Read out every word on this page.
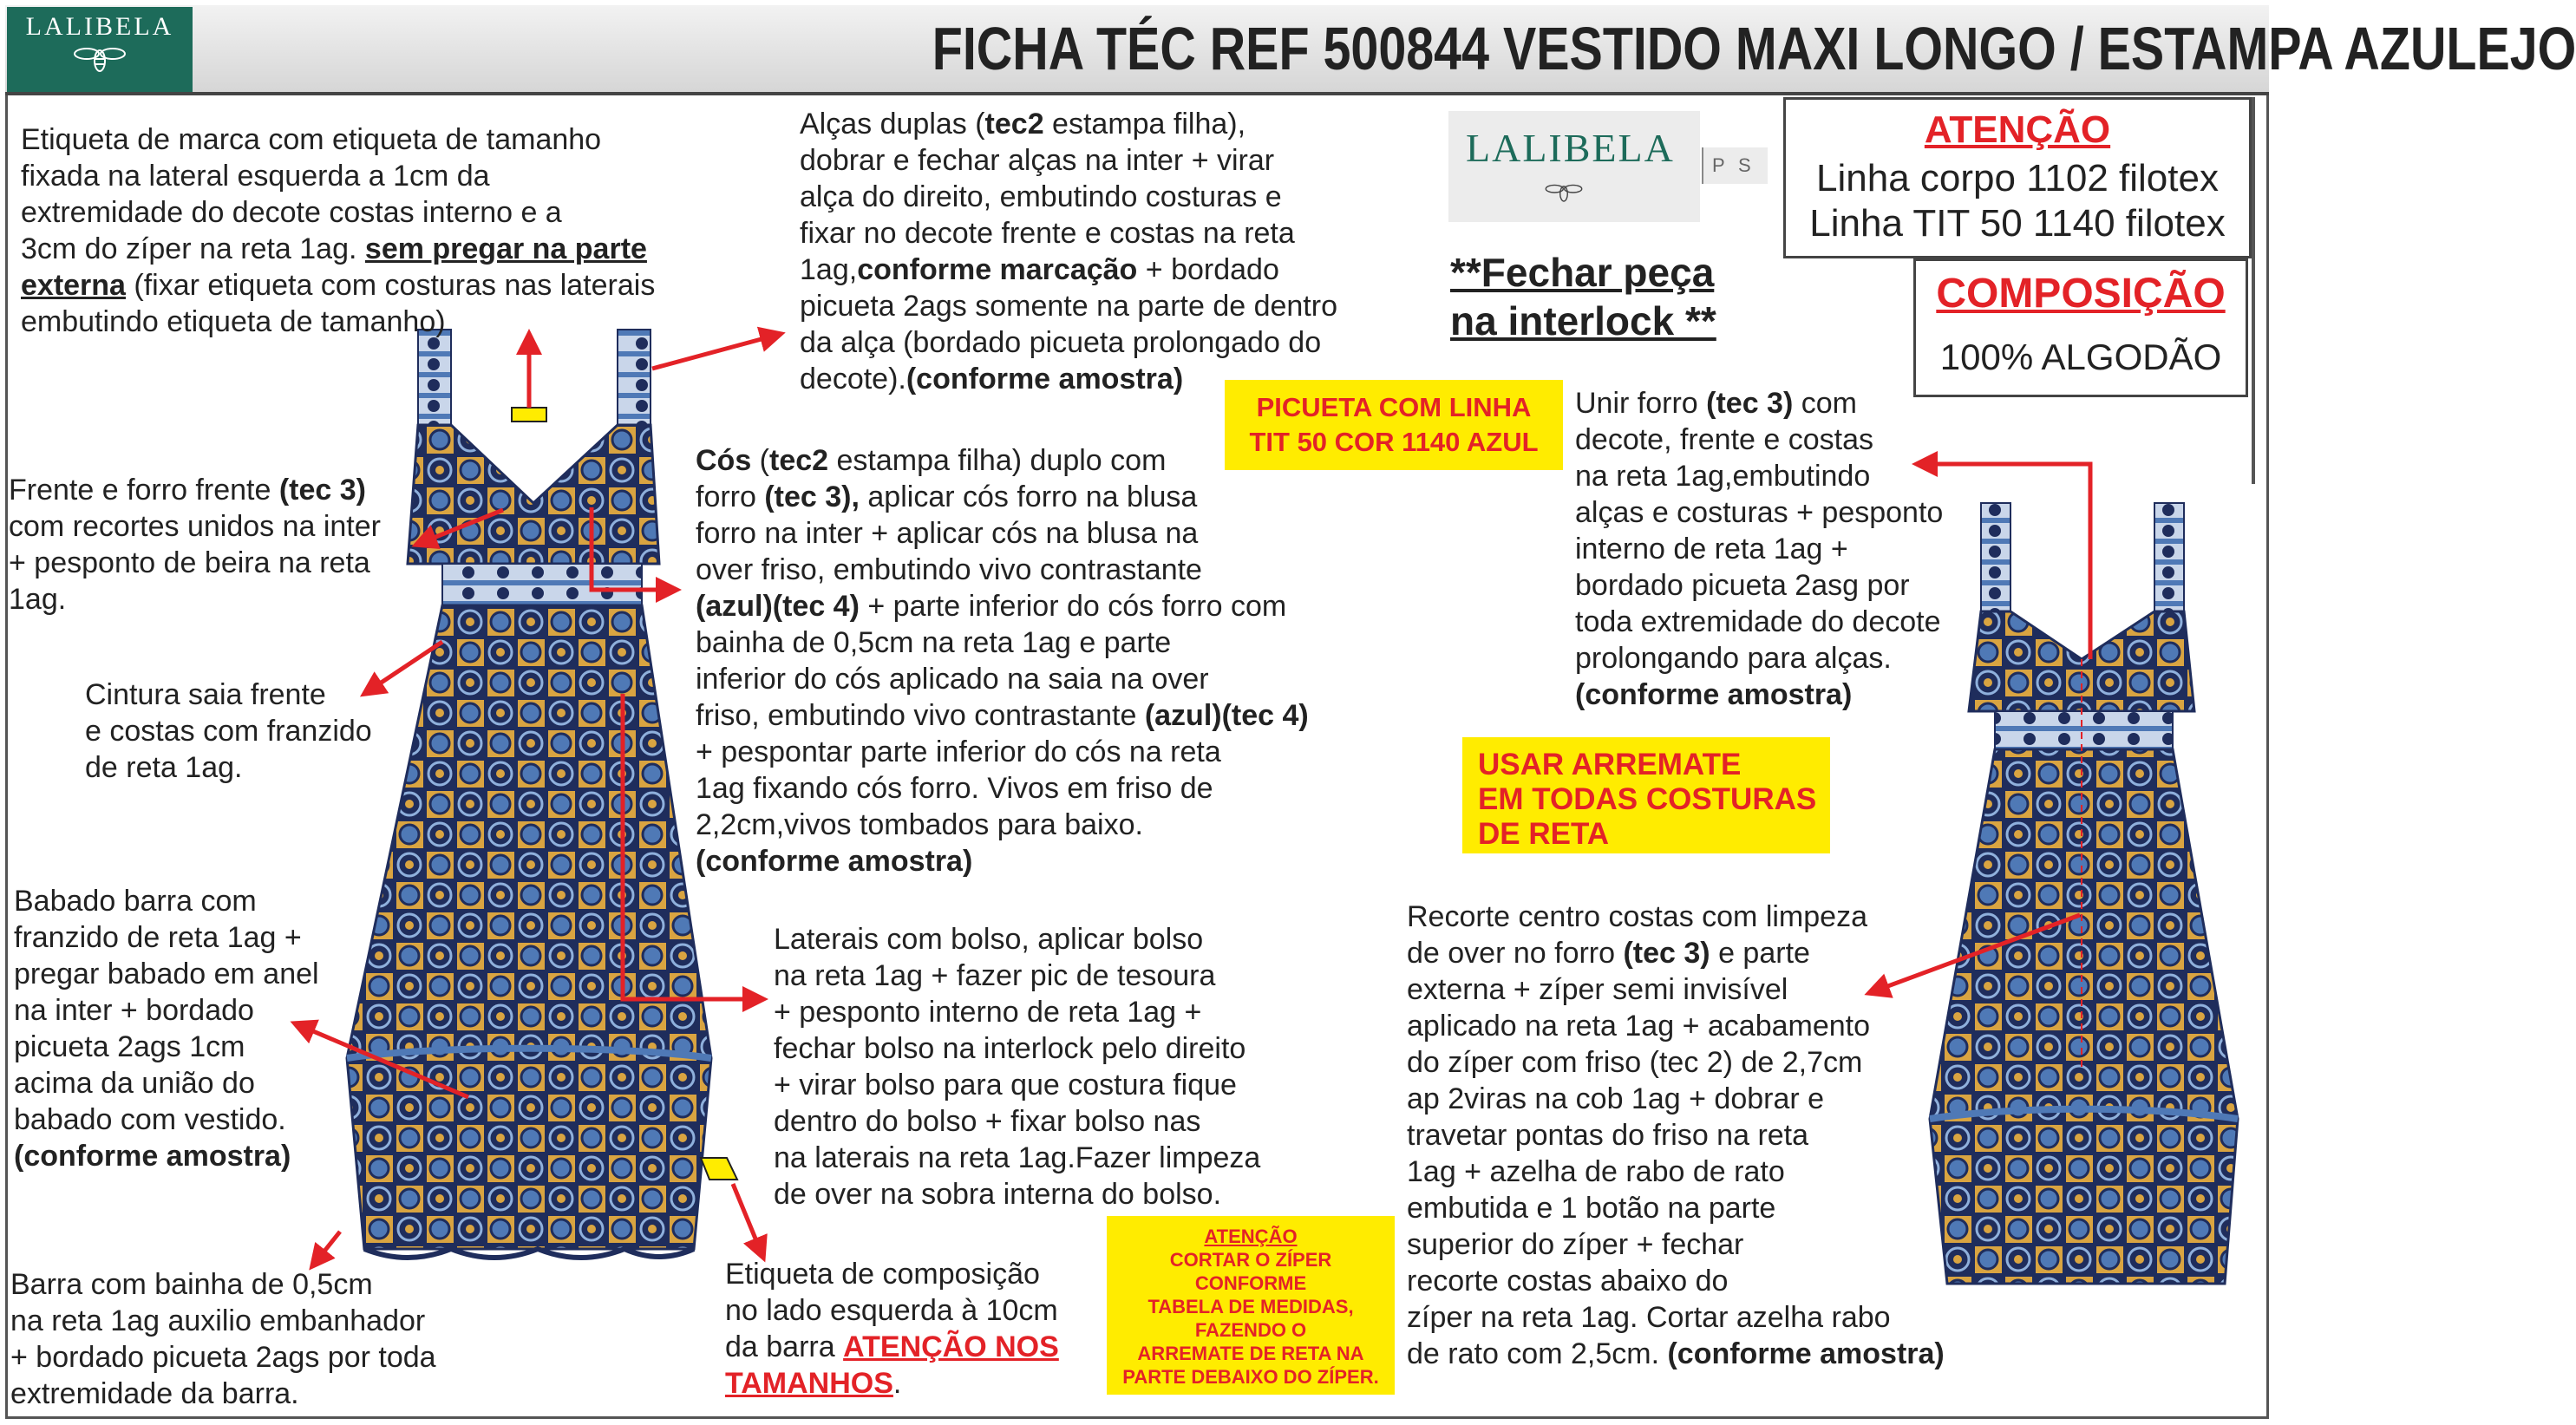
LALIBELA	FICHA TÉC REF 500844 VESTIDO MAXI LONGO / ESTAMPA AZULEJO
LALIBELA P S
**Fechar peça
na interlock **
ATENÇÃO
Linha corpo 1102 filotex
Linha TIT 50 1140 filotex
COMPOSIÇÃO
100% ALGODÃO
PICUETA COM LINHA
TIT 50 COR 1140 AZUL
USAR ARREMATE
EM TODAS COSTURAS
DE RETA
ATENÇÃO
CORTAR O ZÍPER
CONFORME
TABELA DE MEDIDAS,
FAZENDO O
ARREMATE DE RETA NA
PARTE DEBAIXO DO ZÍPER.
Etiqueta de marca com etiqueta de tamanho
fixada na lateral esquerda a 1cm da
extremidade do decote costas interno e a
3cm do zíper na reta 1ag. sem pregar na parte
externa (fixar etiqueta com costuras nas laterais
embutindo etiqueta de tamanho)
Alças duplas (tec2 estampa filha),
dobrar e fechar alças na inter + virar
alça do direito, embutindo costuras e
fixar no decote frente e costas na reta
1ag,conforme marcação + bordado
picueta 2ags somente na parte de dentro
da alça (bordado picueta prolongado do
decote).(conforme amostra)
Frente e forro frente (tec 3)
com recortes unidos na inter
+ pesponto de beira na reta
1ag.
Cós (tec2 estampa filha) duplo com
forro (tec 3), aplicar cós forro na blusa
forro na inter + aplicar cós na blusa na
over friso, embutindo vivo contrastante
(azul)(tec 4) + parte inferior do cós forro com
bainha de 0,5cm na reta 1ag e parte
inferior do cós aplicado na saia na over
friso, embutindo vivo contrastante (azul)(tec 4)
+ pespontar parte inferior do cós na reta
1ag fixando cós forro. Vivos em friso de
2,2cm,vivos tombados para baixo.
(conforme amostra)
Cintura saia frente
e costas com franzido
de reta 1ag.
Babado barra com
franzido de reta 1ag +
pregar babado em anel
na inter + bordado
picueta 2ags 1cm
acima da união do
babado com vestido.
(conforme amostra)
Barra com bainha de 0,5cm
na reta 1ag auxilio embanhador
+ bordado picueta 2ags por toda
extremidade da barra.
Laterais com bolso, aplicar bolso
na reta 1ag + fazer pic de tesoura
+ pesponto interno de reta 1ag +
fechar bolso na interlock pelo direito
+ virar bolso para que costura fique
dentro do bolso + fixar bolso nas
na laterais na reta 1ag.Fazer limpeza
de over na sobra interna do bolso.
Etiqueta de composição
no lado esquerda à 10cm
da barra ATENÇÃO NOS
TAMANHOS.
Unir forro (tec 3) com
decote, frente e costas
na reta 1ag,embutindo
alças e costuras + pesponto
interno de reta 1ag +
bordado picueta 2asg por
toda extremidade do decote
prolongando para alças.
(conforme amostra)
Recorte centro costas com limpeza
de over no forro (tec 3) e parte
externa + zíper semi invisível
aplicado na reta 1ag + acabamento
do zíper com friso (tec 2) de 2,7cm
ap 2viras na cob 1ag + dobrar e
travetar pontas do friso na reta
1ag + azelha de rabo de rato
embutida e 1 botão na parte
superior do zíper + fechar
recorte costas abaixo do
zíper na reta 1ag. Cortar azelha rabo
de rato com 2,5cm. (conforme amostra)
